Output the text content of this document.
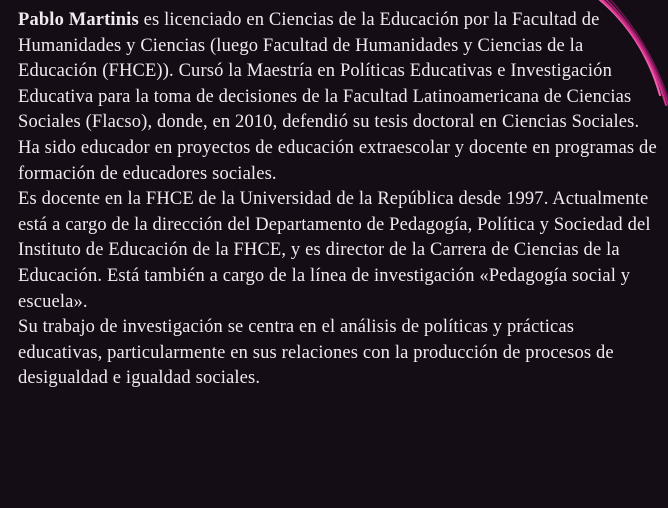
Pablo Martinis es licenciado en Ciencias de la Educación por la Facultad de Humanidades y Ciencias (luego Facultad de Humanidades y Ciencias de la Educación (FHCE)). Cursó la Maestría en Políticas Educativas e Investigación Educativa para la toma de decisiones de la Facultad Latinoamericana de Ciencias Sociales (Flacso), donde, en 2010, defendió su tesis doctoral en Ciencias Sociales.

Ha sido educador en proyectos de educación extraescolar y docente en programas de formación de educadores sociales.

Es docente en la FHCE de la Universidad de la República desde 1997. Actualmente está a cargo de la dirección del Departamento de Pedagogía, Política y Sociedad del Instituto de Educación de la FHCE, y es director de la Carrera de Ciencias de la Educación. Está también a cargo de la línea de investigación «Pedagogía social y escuela».

Su trabajo de investigación se centra en el análisis de políticas y prácticas educativas, particularmente en sus relaciones con la producción de procesos de desigualdad e igualdad sociales.
